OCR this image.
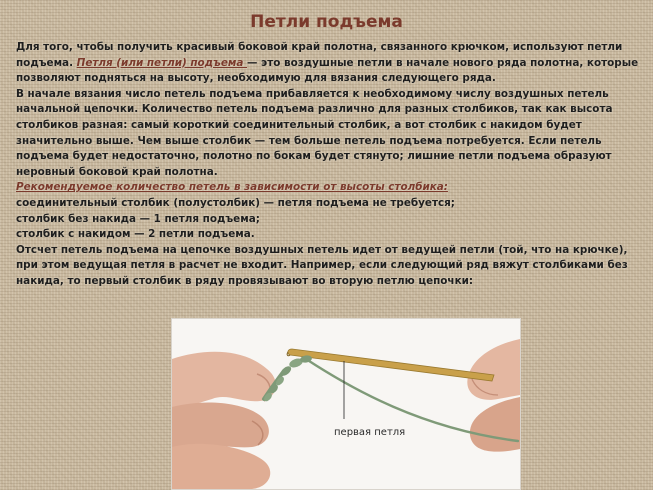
Петли подъема
Для того, чтобы получить красивый боковой край полотна, связанного крючком, используют петли подъема. Петля (или петли) подъема — это воздушные петли в начале нового ряда полотна, которые позволяют подняться на высоту, необходимую для вязания следующего ряда.
В начале вязания число петель подъема прибавляется к необходимому числу воздушных петель начальной цепочки. Количество петель подъема различно для разных столбиков, так как высота столбиков разная: самый короткий соединительный столбик, а вот столбик с накидом будет значительно выше. Чем выше столбик — тем больше петель подъема потребуется. Если петель подъема будет недостаточно, полотно по бокам будет стянуто; лишние петли подъема образуют неровный боковой край полотна.
Рекомендуемое количество петель в зависимости от высоты столбика:
соединительный столбик (полустолбик) — петля подъема не требуется;
столбик без накида — 1 петля подъема;
столбик с накидом — 2 петли подъема.
Отсчет петель подъема на цепочке воздушных петель идет от ведущей петли (той, что на крючке), при этом ведущая петля в расчет не входит. Например, если следующий ряд вяжут столбиками без накида, то первый столбик в ряду провязывают во вторую петлю цепочки:
первая петля
